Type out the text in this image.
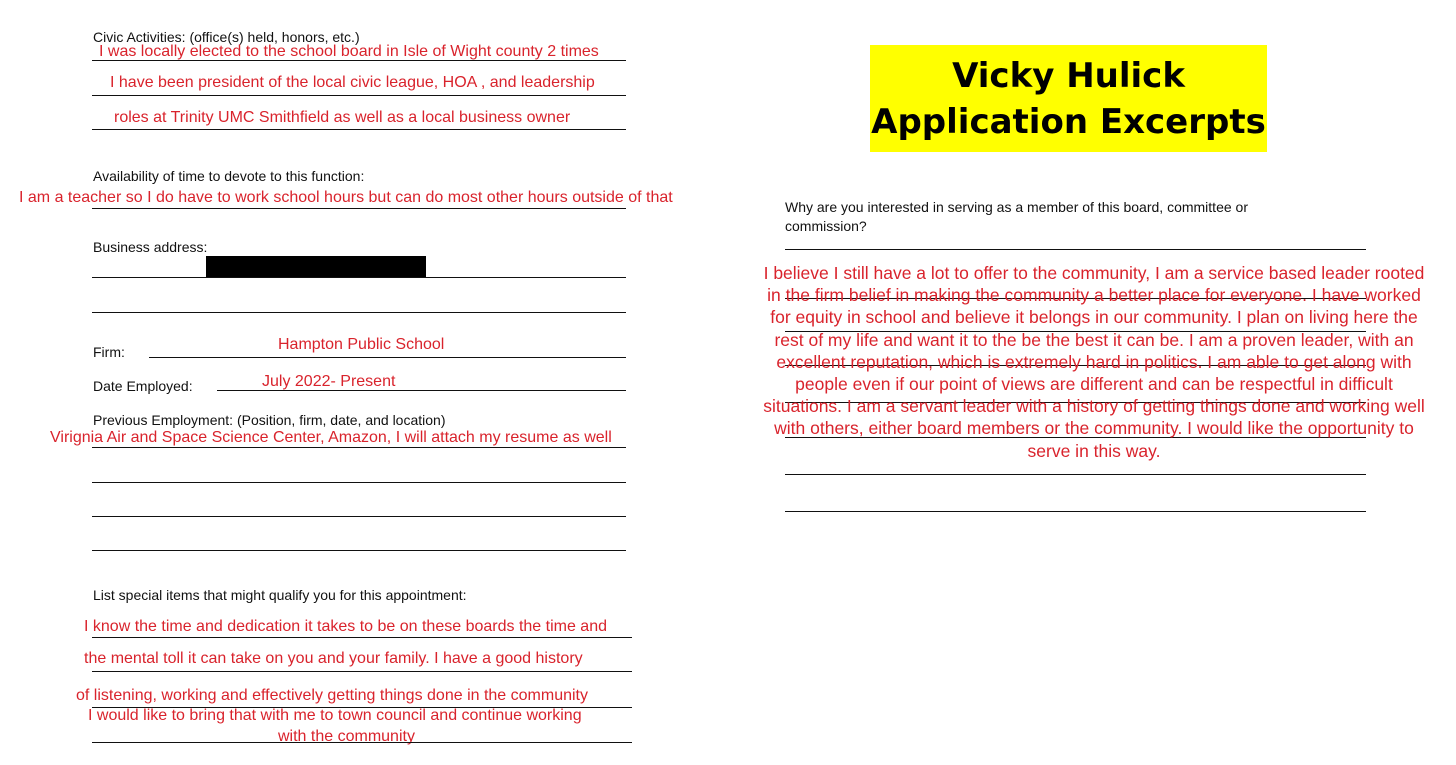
Civic Activities: (office(s) held, honors, etc.)
I was locally elected to the school board in Isle of Wight county 2 times
I have been president of the local civic league, HOA , and leadership
roles at Trinity UMC Smithfield as well as a local business owner
Availability of time to devote to this function:
I am a teacher so I do have to work school hours but can do most other hours outside of that
Business address:
Firm:	Hampton Public School
Date Employed:	July 2022- Present
Previous Employment: (Position, firm, date, and location)
Virignia Air and Space Science Center, Amazon, I will attach my resume as well
List special items that might qualify you for this appointment:
I know the time and dedication it takes to be on these boards the time and
the mental toll it can take on you and your family. I have a good history
of listening, working and effectively getting things done in the community
I would like to bring that with me to town council and continue working
with the community
Vicky Hulick
Application Excerpts
Why are you interested in serving as a member of this board, committee or
commission?
I believe I still have a lot to offer to the community, I am a service based leader rooted
in the firm belief in making the community a better place for everyone. I have worked
for equity in school and believe it belongs in our community. I plan on living here the
rest of my life and want it to the be the best it can be. I am a proven leader, with an
excellent reputation, which is extremely hard in politics. I am able to get along with
people even if our point of views are different and can be respectful in difficult
situations. I am a servant leader with a history of getting things done and working well
with others, either board members or the community. I would like the opportunity to
serve in this way.
